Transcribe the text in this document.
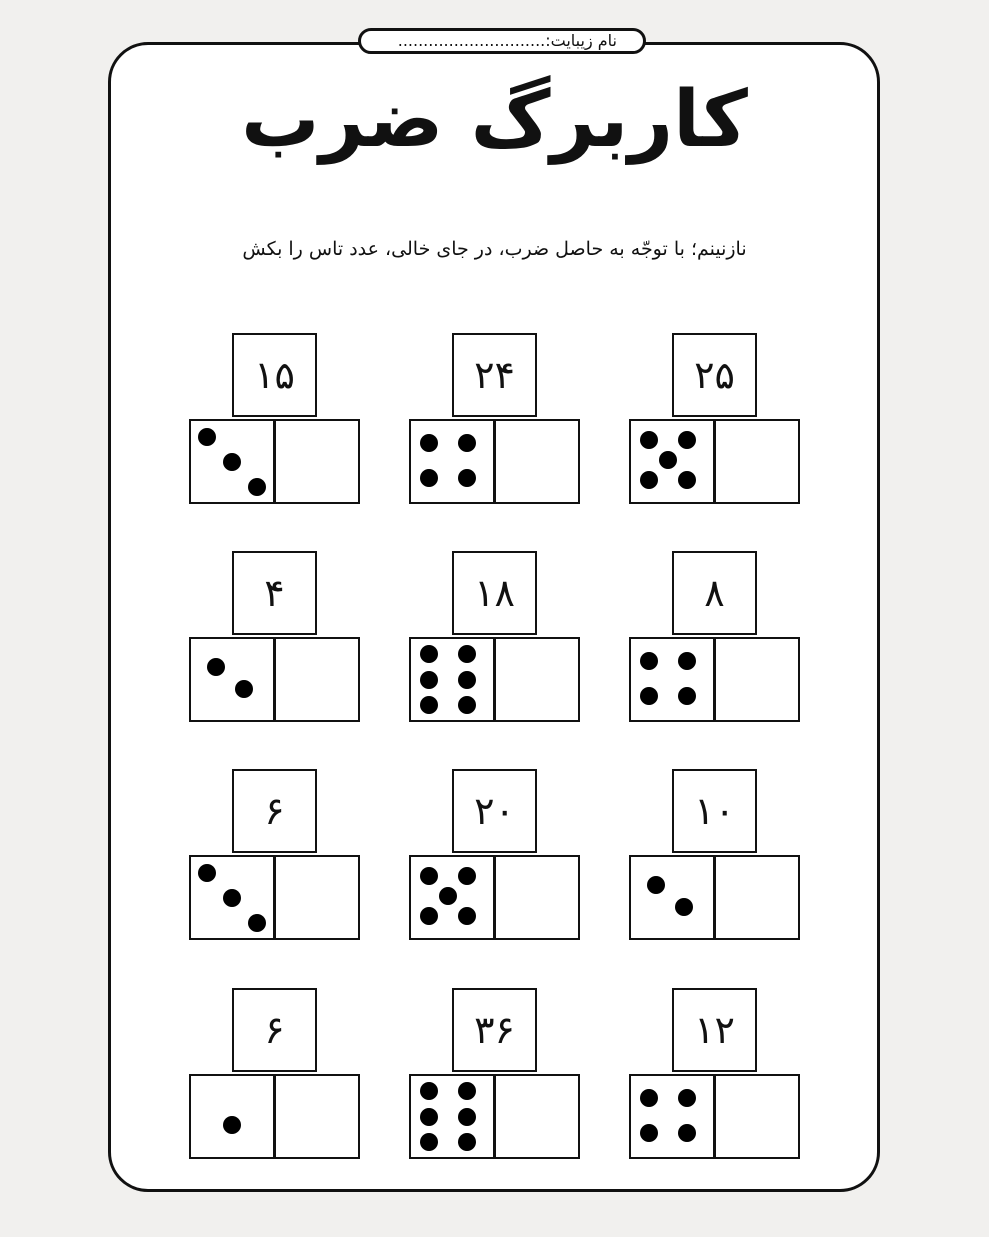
نام زیبایت:.............................
کاربرگ ضرب
نازنینم؛ با توجّه به حاصل ضرب، در جای خالی، عدد تاس را بکش
۲۵
۲۴
۱۵
۸
۱۸
۴
۱۰
۲۰
۶
۱۲
۳۶
۶
